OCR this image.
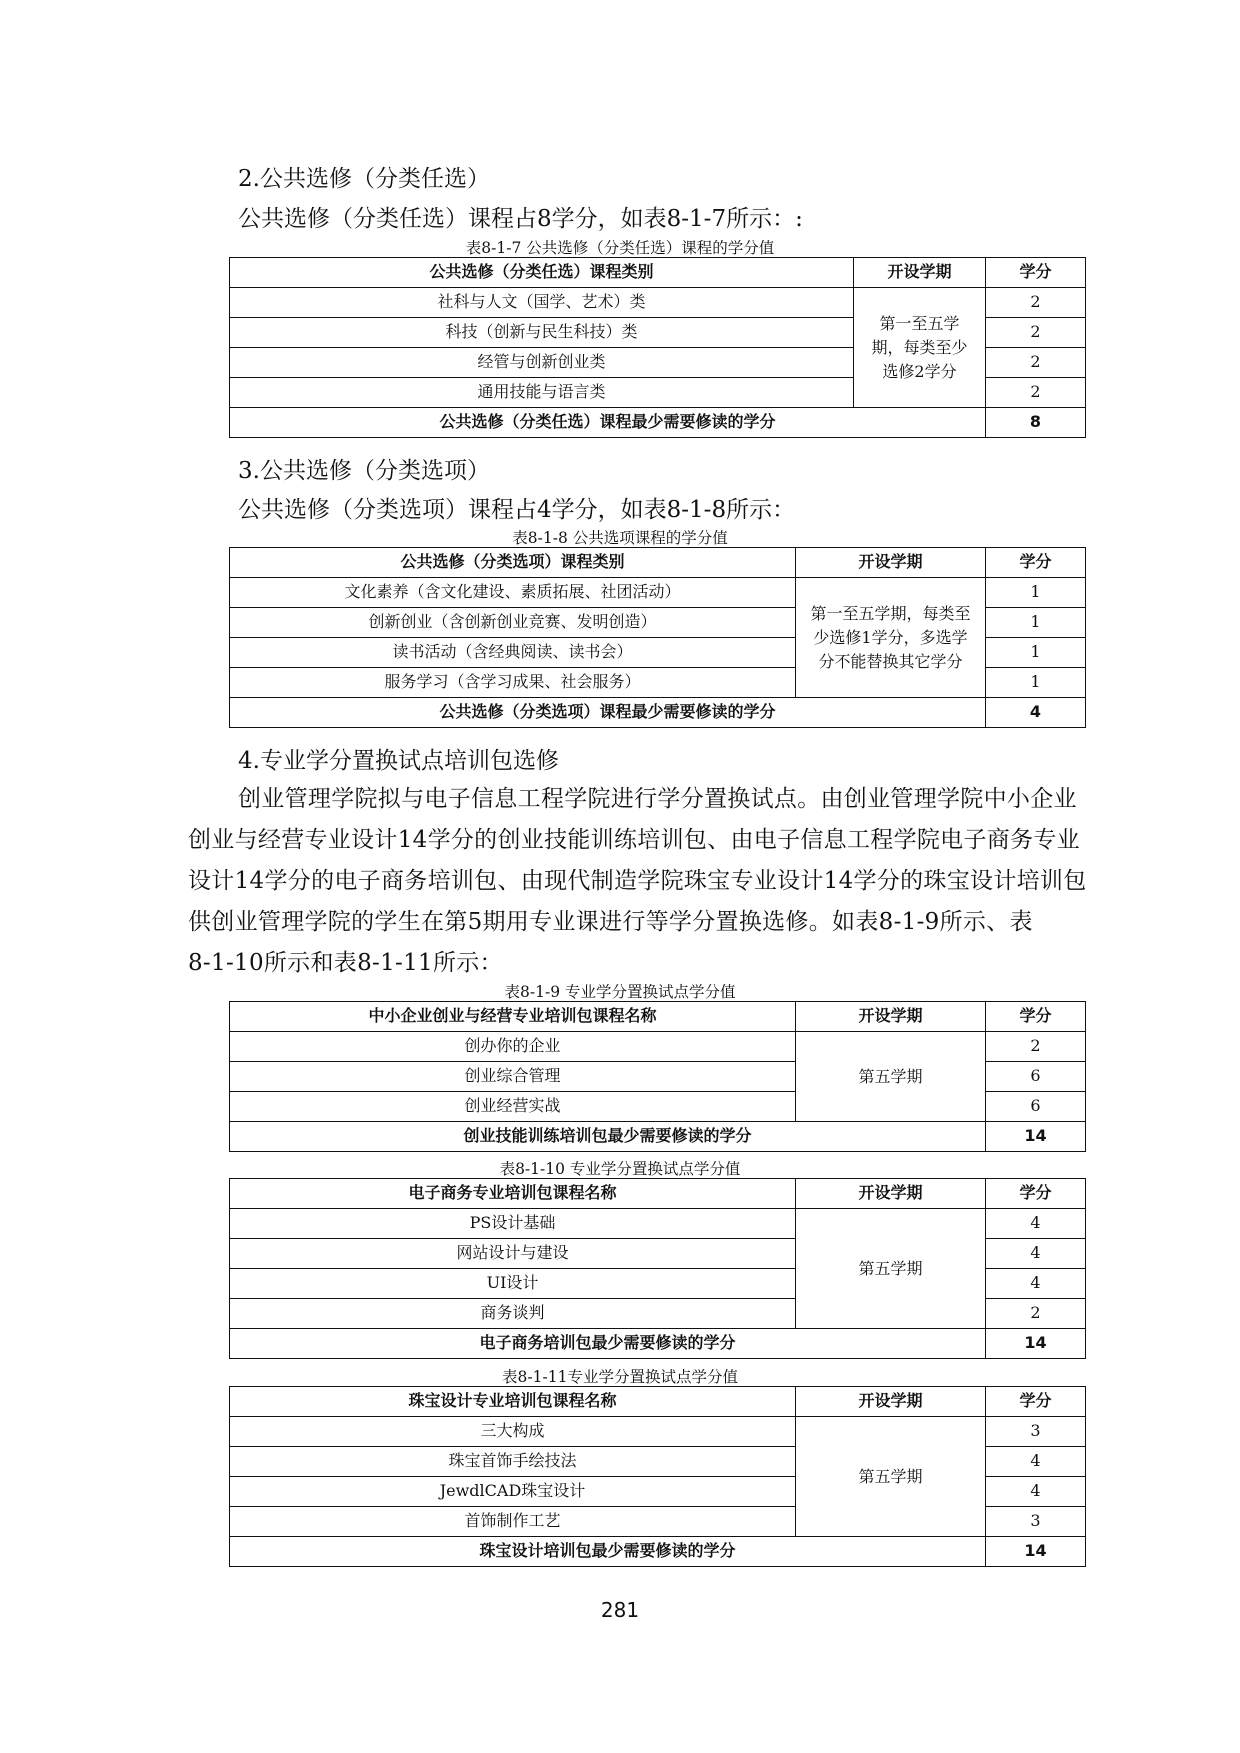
2.公共选修（分类任选）
公共选修（分类任选）课程占8学分，如表8-1-7所示：:
表8-1-7 公共选修（分类任选）课程的学分值
公共选修（分类任选）课程类别	开设学期	学分
社科与人文（国学、艺术）类	第一至五学期，每类至少选修2学分	2
科技（创新与民生科技）类		2
经管与创新创业类		2
通用技能与语言类		2
公共选修（分类任选）课程最少需要修读的学分		8
3.公共选修（分类选项）
公共选修（分类选项）课程占4学分，如表8-1-8所示：
表8-1-8 公共选项课程的学分值
公共选修（分类选项）课程类别	开设学期	学分
文化素养（含文化建设、素质拓展、社团活动）	第一至五学期，每类至少选修1学分，多选学分不能替换其它学分	1
创新创业（含创新创业竞赛、发明创造）		1
读书活动（含经典阅读、读书会）		1
服务学习（含学习成果、社会服务）		1
公共选修（分类选项）课程最少需要修读的学分		4
4.专业学分置换试点培训包选修
创业管理学院拟与电子信息工程学院进行学分置换试点。由创业管理学院中小企业
创业与经营专业设计14学分的创业技能训练培训包、由电子信息工程学院电子商务专业
设计14学分的电子商务培训包、由现代制造学院珠宝专业设计14学分的珠宝设计培训包
供创业管理学院的学生在第5期用专业课进行等学分置换选修。如表8-1-9所示、表
8-1-10所示和表8-1-11所示：
表8-1-9 专业学分置换试点学分值
中小企业创业与经营专业培训包课程名称	开设学期	学分
创办你的企业	第五学期	2
创业综合管理		6
创业经营实战		6
创业技能训练培训包最少需要修读的学分		14
表8-1-10 专业学分置换试点学分值
电子商务专业培训包课程名称	开设学期	学分
PS设计基础	第五学期	4
网站设计与建设		4
UI设计		4
商务谈判		2
电子商务培训包最少需要修读的学分		14
表8-1-11专业学分置换试点学分值
珠宝设计专业培训包课程名称	开设学期	学分
三大构成	第五学期	3
珠宝首饰手绘技法		4
JewdlCAD珠宝设计		4
首饰制作工艺		3
珠宝设计培训包最少需要修读的学分		14
281
